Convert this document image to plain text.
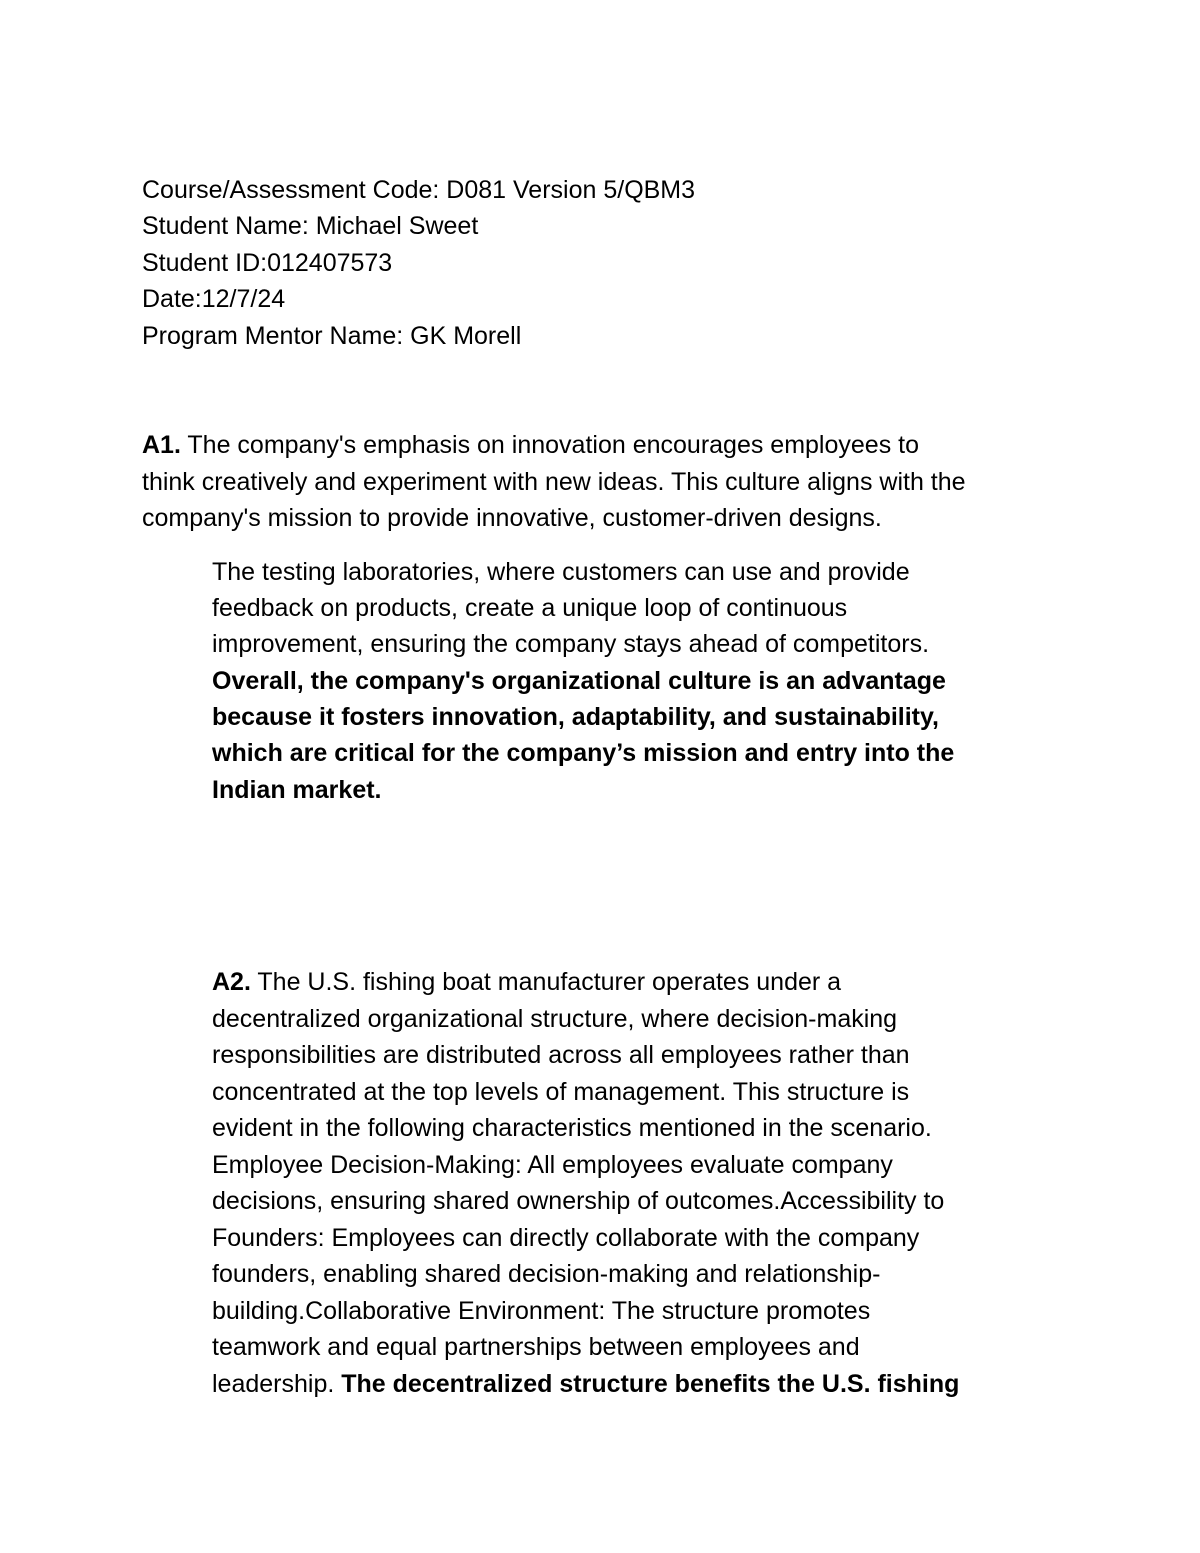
Course/Assessment Code: D081 Version 5/QBM3
Student Name: Michael Sweet
Student ID:012407573
Date:12/7/24
Program Mentor Name: GK Morell
A1. The company's emphasis on innovation encourages employees to
think creatively and experiment with new ideas. This culture aligns with the
company's mission to provide innovative, customer-driven designs.
The testing laboratories, where customers can use and provide
feedback on products, create a unique loop of continuous
improvement, ensuring the company stays ahead of competitors.
Overall, the company's organizational culture is an advantage
because it fosters innovation, adaptability, and sustainability,
which are critical for the company’s mission and entry into the
Indian market.
A2. The U.S. fishing boat manufacturer operates under a
decentralized organizational structure, where decision-making
responsibilities are distributed across all employees rather than
concentrated at the top levels of management. This structure is
evident in the following characteristics mentioned in the scenario.
Employee Decision-Making: All employees evaluate company
decisions, ensuring shared ownership of outcomes.Accessibility to
Founders: Employees can directly collaborate with the company
founders, enabling shared decision-making and relationship-
building.Collaborative Environment: The structure promotes
teamwork and equal partnerships between employees and
leadership. The decentralized structure benefits the U.S. fishing
